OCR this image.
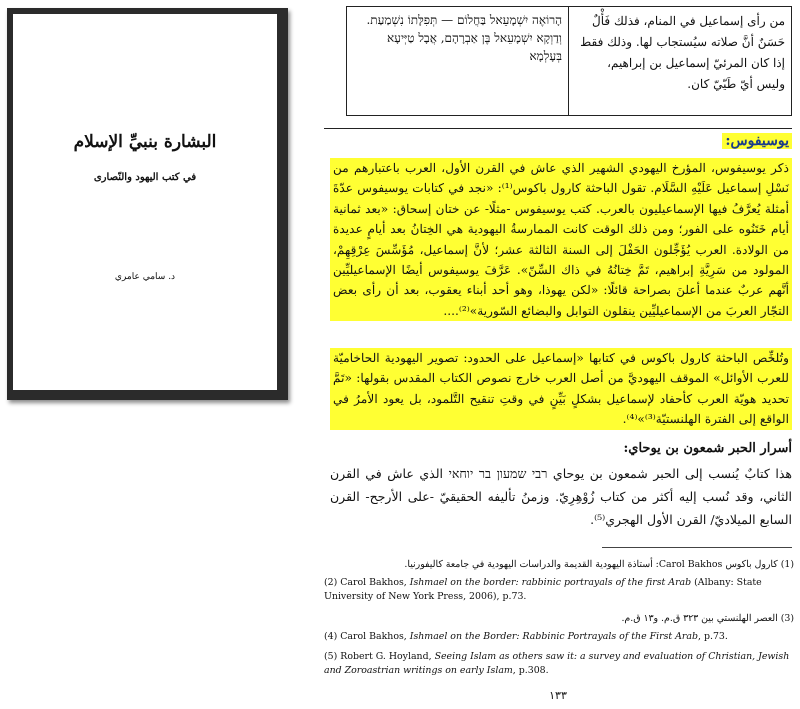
البشارة بنبيِّ الإسلام
في كتب اليهود والنّصارى
د. سامي عامري
הָרוֹאֶה יִשְׁמָעֵאל בַּחֲלוֹם — תְּפִלָּתוֹ נִשְׁמַעַת. וְדַוְקָא יִשְׁמָעֵאל בֶּן אַבְרָהָם, אֲבָל טַיְּיעָא בְּעָלְמָא
من رأى إسماعيل في المنام، فذلك فَأْلٌ حَسَنٌ أنَّ صلاته سيُستجاب لها. وذلك فقط إذا كان المرئيّ إسماعيل بن إبراهيم، وليس أيّ طَيّيّ كان.
يوسيفوس:
ذكر يوسيفوس، المؤرخ اليهودي الشهير الذي عاش في القرن الأول، العرب باعتبارهم من نَسْلِ إسماعيل عَلَيْهِ السَّلَام. تقول الباحثة كارول باكوس⁽¹⁾: «نجد في كتابات يوسيفوس عدّةَ أمثلة يُعرَّفُ فيها الإسماعيليون بالعرب. كتب يوسيفوس -مثلًا- عن ختان إسحاق: «بعد ثمانية أيام خَتَنُوه على الفور؛ ومن ذلك الوقت كانت الممارسةُ اليهودية هي الخِتانُ بعد أيامٍ عديدة من الولادة. العرب يُؤَجِّلون الحَفْلَ إلى السنة الثالثة عشر؛ لأنَّ إسماعيل، مُؤَسِّسَ عِرْقِهِمْ، المولود من سَرِيَّةِ إبراهيم، تَمَّ خِتانُهُ في ذاك السِّنّ». عَرَّفَ يوسيفوس أيضًا الإسماعيليِّين أنَّهم عربٌ عندما أعلنَ بصراحة قائلًا: «لكن يهوذا، وهو أحد أبناء يعقوب، بعد أن رأى بعض التجّار العربَ من الإسماعيليِّين ينقلون التوابل والبضائع السّورية»⁽²⁾....
وتُلخِّص الباحثة كارول باكوس في كتابها «إسماعيل على الحدود: تصوير اليهودية الحاخاميّة للعرب الأوائل» الموقف اليهوديَّ من أصل العرب خارج نصوص الكتاب المقدس بقولها: «تَمَّ تحديد هويّة العرب كأحفاد لإسماعيل بشكلٍ بَيِّنٍ في وقتِ تنقيح التَّلمود، بل يعود الأمرُ في الواقع إلى الفترة الهلنستيّة⁽³⁾»⁽⁴⁾.
أسرار الحبر شمعون بن يوحاي:
هذا كتابٌ يُنسب إلى الحبر شمعون بن يوحاي רבי שמעון בר יוחאי الذي عاش في القرن الثاني، وقد نُسب إليه أكثر من كتاب زُوْهِرِيّ. وزمنُ تأليفه الحقيقيّ -على الأرجح- القرن السابع الميلاديّ/ القرن الأول الهجري⁽⁵⁾.
(1) كارول باكوس Carol Bakhos: أستاذة اليهودية القديمة والدراسات اليهودية في جامعة كاليفورنيا.
(2) Carol Bakhos, Ishmael on the border: rabbinic portrayals of the first Arab (Albany: State University of New York Press, 2006), p.73.
(3) العصر الهلنستي بين ٣٢٣ ق.م. و١٣ ق.م.
(4) Carol Bakhos, Ishmael on the Border: Rabbinic Portrayals of the First Arab, p.73.
(5) Robert G. Hoyland, Seeing Islam as others saw it: a survey and evaluation of Christian, Jewish and Zoroastrian writings on early Islam, p.308.
١٣٣
